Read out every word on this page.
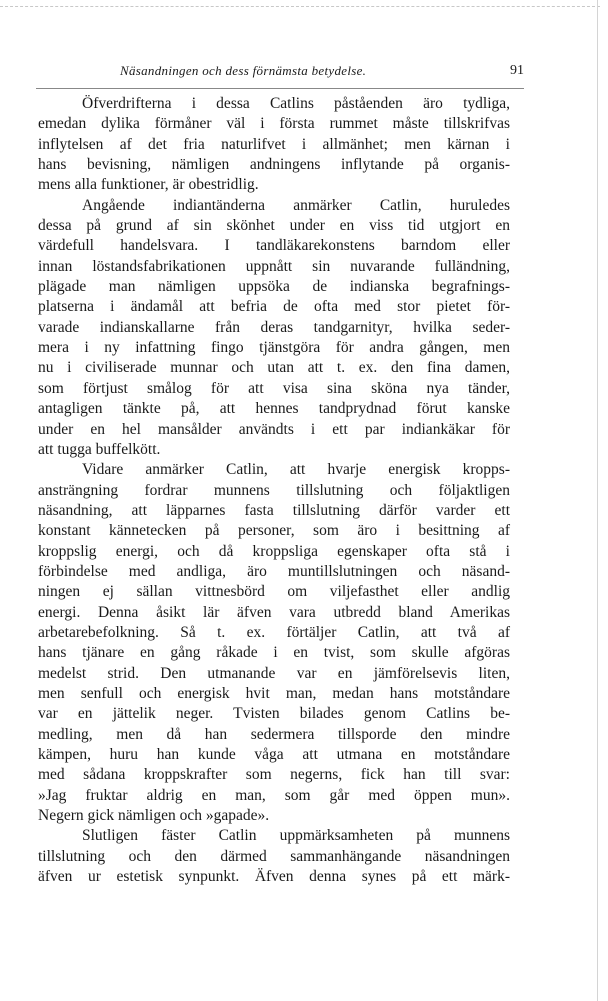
Näsandningen och dess förnämsta betydelse.	91
Öfverdrifterna i dessa Catlins påståenden äro tydliga,
emedan dylika förmåner väl i första rummet måste tillskrifvas
inflytelsen af det fria naturlifvet i allmänhet; men kärnan i
hans bevisning, nämligen andningens inflytande på organis-
mens alla funktioner, är obestridlig.
Angående indiantänderna anmärker Catlin, huruledes
dessa på grund af sin skönhet under en viss tid utgjort en
värdefull handelsvara. I tandläkarekonstens barndom eller
innan löstandsfabrikationen uppnått sin nuvarande fulländning,
plägade man nämligen uppsöka de indianska begrafnings-
platserna i ändamål att befria de ofta med stor pietet för-
varade indianskallarne från deras tandgarnityr, hvilka seder-
mera i ny infattning fingo tjänstgöra för andra gången, men
nu i civiliserade munnar och utan att t. ex. den fina damen,
som förtjust smålog för att visa sina sköna nya tänder,
antagligen tänkte på, att hennes tandprydnad förut kanske
under en hel mansålder användts i ett par indiankäkar för
att tugga buffelkött.
Vidare anmärker Catlin, att hvarje energisk kropps-
ansträngning fordrar munnens tillslutning och följaktligen
näsandning, att läpparnes fasta tillslutning därför varder ett
konstant kännetecken på personer, som äro i besittning af
kroppslig energi, och då kroppsliga egenskaper ofta stå i
förbindelse med andliga, äro muntillslutningen och näsand-
ningen ej sällan vittnesbörd om viljefasthet eller andlig
energi. Denna åsikt lär äfven vara utbredd bland Amerikas
arbetarebefolkning. Så t. ex. förtäljer Catlin, att två af
hans tjänare en gång råkade i en tvist, som skulle afgöras
medelst strid. Den utmanande var en jämförelsevis liten,
men senfull och energisk hvit man, medan hans motståndare
var en jättelik neger. Tvisten bilades genom Catlins be-
medling, men då han sedermera tillsporde den mindre
kämpen, huru han kunde våga att utmana en motståndare
med sådana kroppskrafter som negerns, fick han till svar:
»Jag fruktar aldrig en man, som går med öppen mun».
Negern gick nämligen och »gapade».
Slutligen fäster Catlin uppmärksamheten på munnens
tillslutning och den därmed sammanhängande näsandningen
äfven ur estetisk synpunkt. Äfven denna synes på ett märk-
